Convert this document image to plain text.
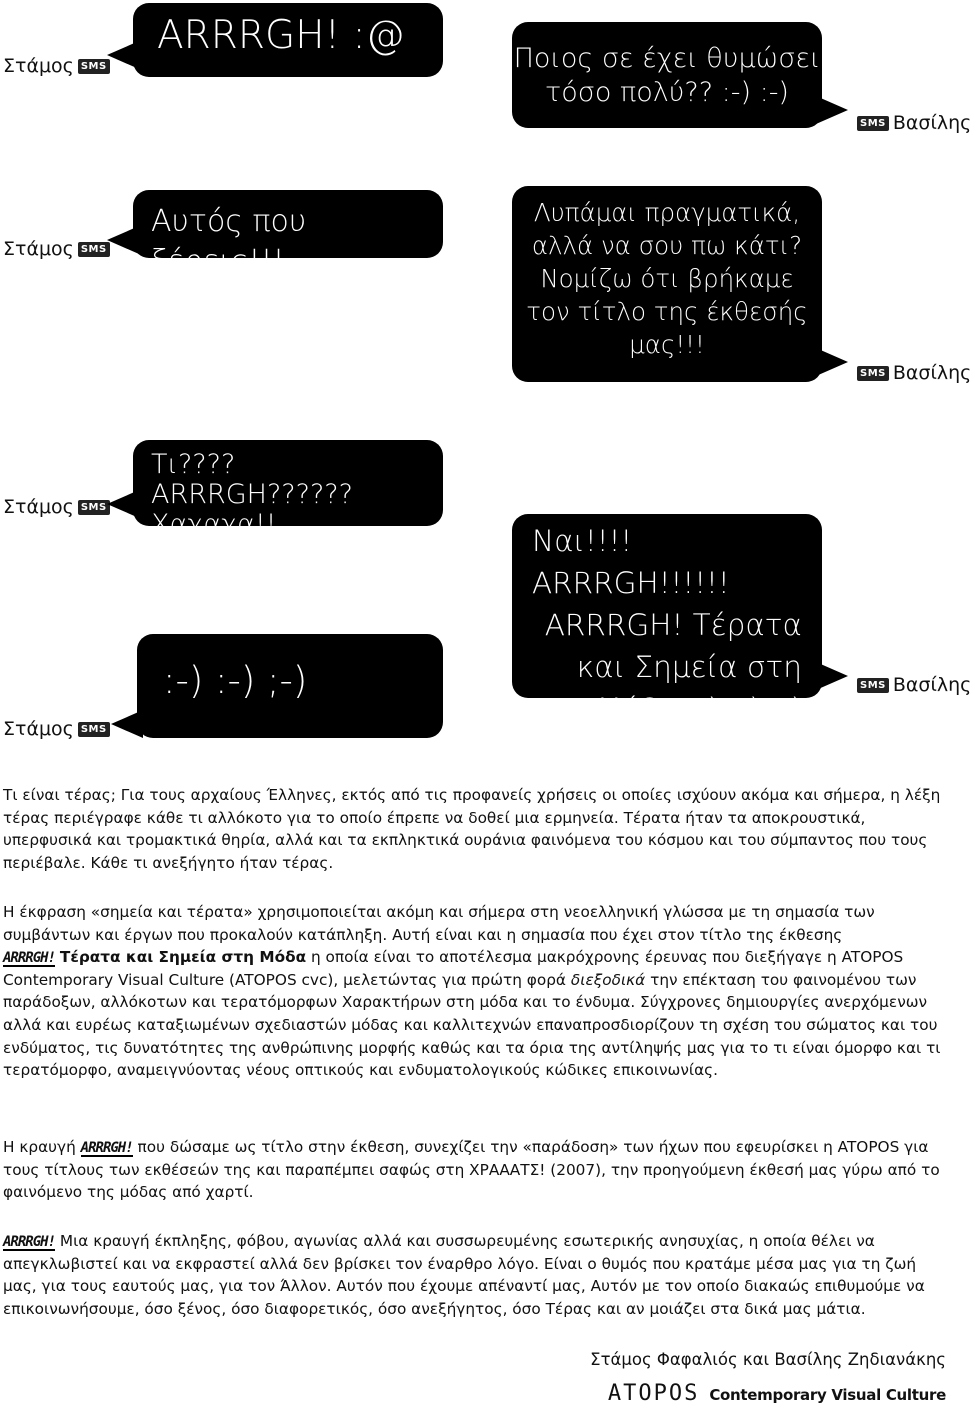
Στάμος SMS
ARRRGH! :@
Ποιος σε έχει θυμώσει
τόσο πολύ?? :-) :-)
SMS Βασίλης
Στάμος SMS
Αυτός που ξέρεις!!!
Λυπάμαι πραγματικά,
αλλά να σου πω κάτι?
Νομίζω ότι βρήκαμε
τον τίτλο της έκθεσής
μας!!!
SMS Βασίλης
Στάμος SMS
Τι???? ARRRGH??????
Χαχαχα!!	Ναι!!!! ARRRGH!!!!!!
ARRRGH! Τέρατα
και Σημεία στη
Μόδα :-) :-) ;-)
SMS Βασίλης
Στάμος SMS
:-) :-) ;-)

Τι είναι τέρας; Για τους αρχαίους Έλληνες, εκτός από τις προφανείς χρήσεις οι οποίες ισχύουν ακόμα και σήμερα, η λέξη τέρας περιέγραφε κάθε τι αλλόκοτο για το οποίο έπρεπε να δοθεί μια ερμηνεία. Τέρατα ήταν τα αποκρουστικά, υπερφυσικά και τρομακτικά θηρία, αλλά και τα εκπληκτικά ουράνια φαινόμενα του κόσμου και του σύμπαντος που τους περιέβαλε. Κάθε τι ανεξήγητο ήταν τέρας.

Η έκφραση «σημεία και τέρατα» χρησιμοποιείται ακόμη και σήμερα στη νεοελληνική γλώσσα με τη σημασία των συμβάντων και έργων που προκαλούν κατάπληξη. Αυτή είναι και η σημασία που έχει στον τίτλο της έκθεσης
ARRRGH! Τέρατα και Σημεία στη Μόδα η οποία είναι το αποτέλεσμα μακρόχρονης έρευνας που διεξήγαγε η ATOPOS Contemporary Visual Culture (ATOPOS cvc), μελετώντας για πρώτη φορά διεξοδικά την επέκταση του φαινομένου των παράδοξων, αλλόκοτων και τερατόμορφων Χαρακτήρων στη μόδα και το ένδυμα. Σύγχρονες δημιουργίες ανερχόμενων αλλά και ευρέως καταξιωμένων σχεδιαστών μόδας και καλλιτεχνών επαναπροσδιορίζουν τη σχέση του σώματος και του ενδύματος, τις δυνατότητες της ανθρώπινης μορφής καθώς και τα όρια της αντίληψής μας για το τι είναι όμορφο και τι τερατόμορφο, αναμειγνύοντας νέους οπτικούς και ενδυματολογικούς κώδικες επικοινωνίας.

Η κραυγή ARRRGH! που δώσαμε ως τίτλο στην έκθεση, συνεχίζει την «παράδοση» των ήχων που εφευρίσκει η ATOPOS για τους τίτλους των εκθέσεών της και παραπέμπει σαφώς στη ΧΡΑΑΑΤΣ! (2007), την προηγούμενη έκθεσή μας γύρω από το φαινόμενο της μόδας από χαρτί.

ARRRGH! Μια κραυγή έκπληξης, φόβου, αγωνίας αλλά και συσσωρευμένης εσωτερικής ανησυχίας, η οποία θέλει να απεγκλωβιστεί και να εκφραστεί αλλά δεν βρίσκει τον έναρθρο λόγο. Είναι ο θυμός που κρατάμε μέσα μας για τη ζωή μας, για τους εαυτούς μας, για τον Άλλον. Αυτόν που έχουμε απέναντί μας, Αυτόν με τον οποίο διακαώς επιθυμούμε να επικοινωνήσουμε, όσο ξένος, όσο διαφορετικός, όσο ανεξήγητος, όσο Τέρας και αν μοιάζει στα δικά μας μάτια.

Στάμος Φαφαλιός και Βασίλης Ζηδιανάκης
ATOPOS Contemporary Visual Culture
